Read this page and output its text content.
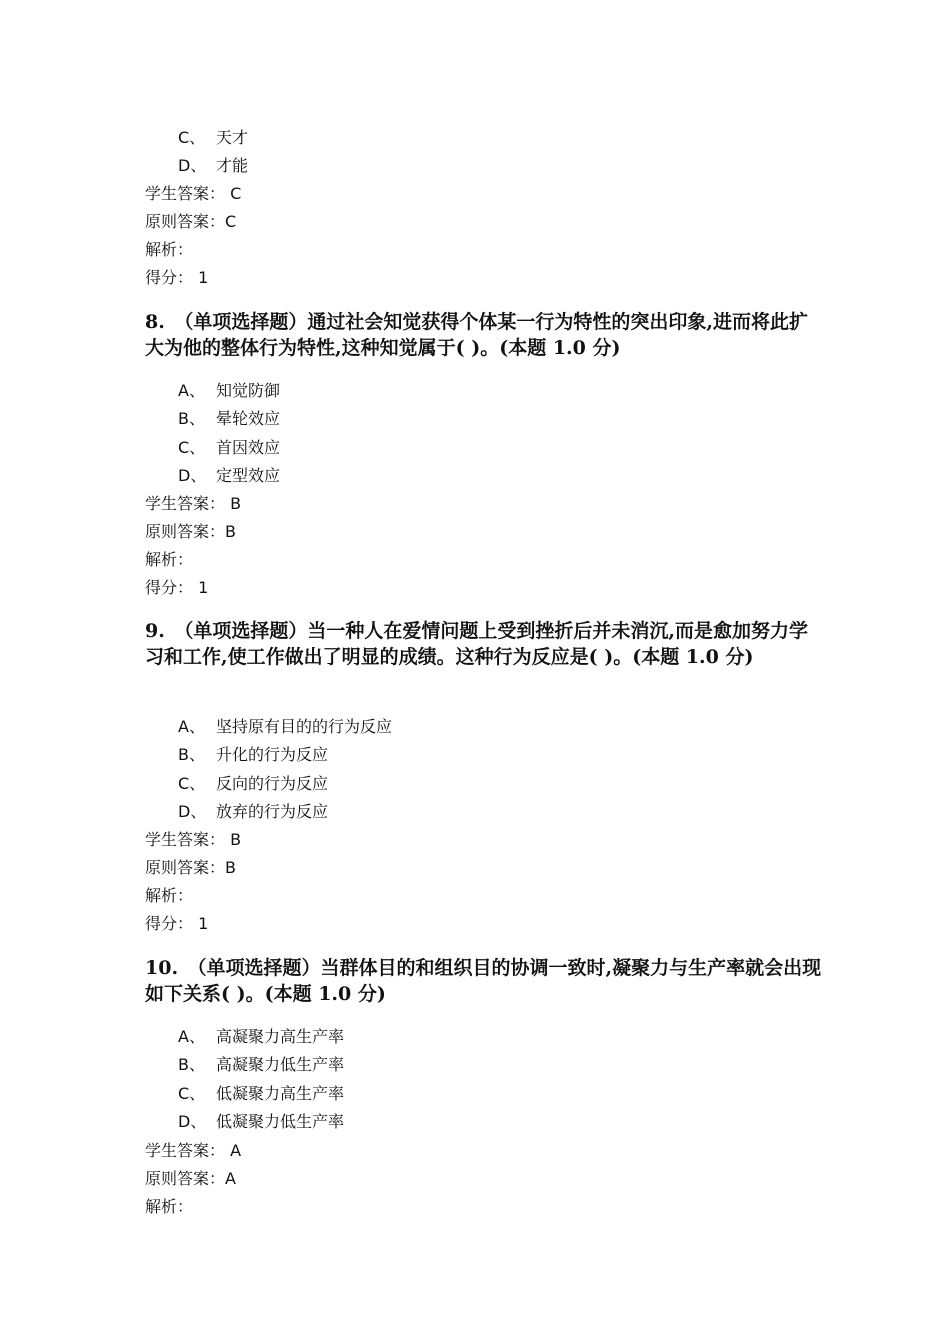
C、 天才
D、 才能
学生答案： C
原则答案：C
解析：
得分： 1
8.　（单项选择题）通过社会知觉获得个体某一行为特性的突出印象,进而将此扩大为他的整体行为特性,这种知觉属于( )。(本题 1.0 分)
A、 知觉防御
B、 晕轮效应
C、 首因效应
D、 定型效应
学生答案： B
原则答案：B
解析：
得分： 1
9.　（单项选择题）当一种人在爱情问题上受到挫折后并未消沉,而是愈加努力学习和工作,使工作做出了明显的成绩。这种行为反应是( )。(本题 1.0 分)
A、 坚持原有目的的行为反应
B、 升化的行为反应
C、 反向的行为反应
D、 放弃的行为反应
学生答案： B
原则答案：B
解析：
得分： 1
10.　（单项选择题）当群体目的和组织目的协调一致时,凝聚力与生产率就会出现如下关系( )。(本题 1.0 分)
A、 高凝聚力高生产率
B、 高凝聚力低生产率
C、 低凝聚力高生产率
D、 低凝聚力低生产率
学生答案： A
原则答案：A
解析：
